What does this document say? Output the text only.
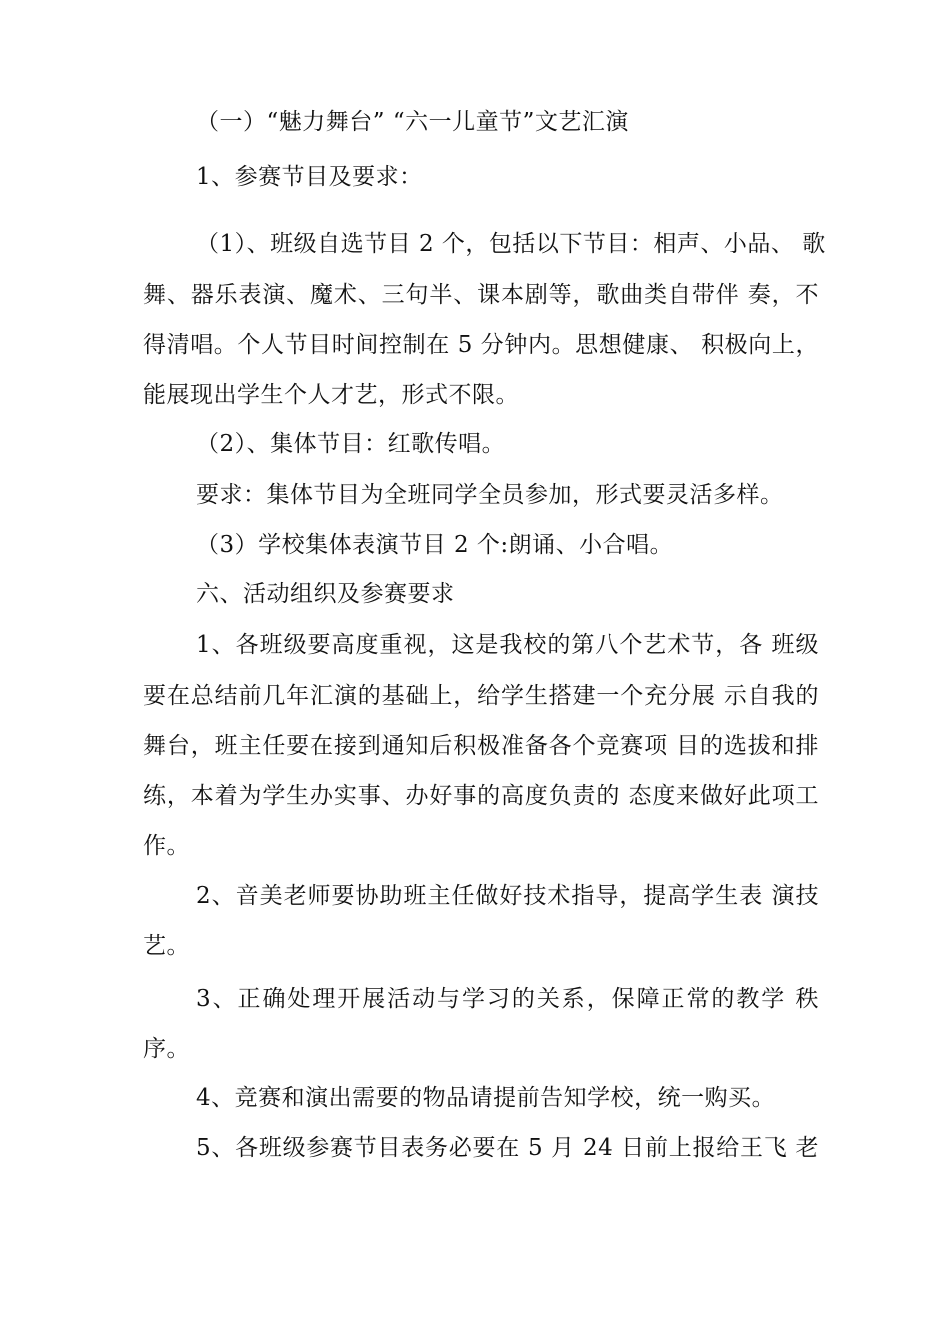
（一）“魅力舞台” “六一儿童节”文艺汇演
1、参赛节目及要求：
（1）、班级自选节目 2 个，包括以下节目：相声、小品、 歌
舞、器乐表演、魔术、三句半、课本剧等，歌曲类自带伴 奏，不
得清唱。个人节目时间控制在 5 分钟内。思想健康、 积极向上，
能展现出学生个人才艺，形式不限。
（2）、集体节目：红歌传唱。
要求：集体节目为全班同学全员参加，形式要灵活多样。
（3）学校集体表演节目 2 个:朗诵、小合唱。
六、活动组织及参赛要求
1、各班级要高度重视，这是我校的第八个艺术节，各 班级
要在总结前几年汇演的基础上，给学生搭建一个充分展 示自我的
舞台，班主任要在接到通知后积极准备各个竞赛项 目的选拔和排
练，本着为学生办实事、办好事的高度负责的 态度来做好此项工
作。
2、音美老师要协助班主任做好技术指导，提高学生表 演技
艺。
3、正确处理开展活动与学习的关系，保障正常的教学 秩
序。
4、竞赛和演出需要的物品请提前告知学校，统一购买。
5、各班级参赛节目表务必要在 5 月 24 日前上报给王飞 老
